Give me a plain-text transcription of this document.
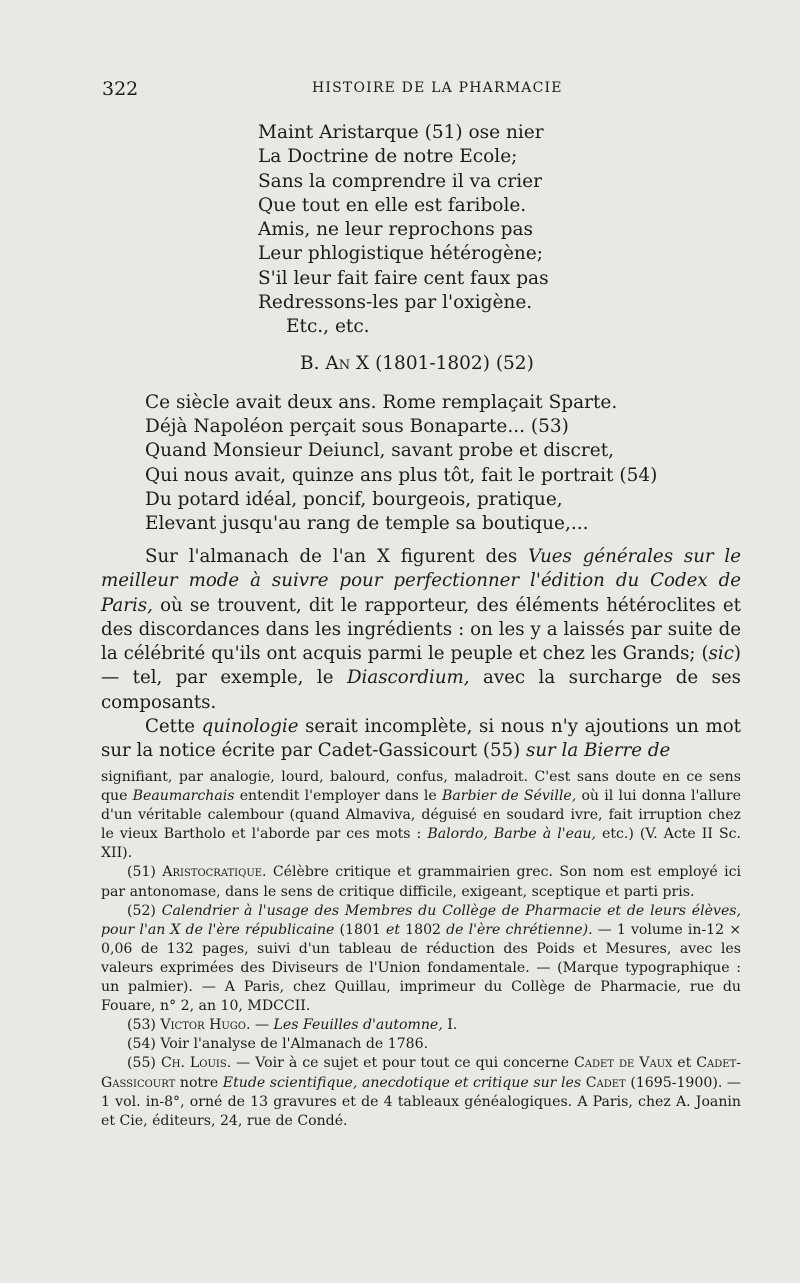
322	HISTOIRE DE LA PHARMACIE
Maint Aristarque (51) ose nier
La Doctrine de notre Ecole;
Sans la comprendre il va crier
Que tout en elle est faribole.
Amis, ne leur reprochons pas
Leur phlogistique hétérogène;
S'il leur fait faire cent faux pas
Redressons-les par l'oxigène.
Etc., etc.
B. An X (1801-1802) (52)
Ce siècle avait deux ans. Rome remplaçait Sparte.
Déjà Napoléon perçait sous Bonaparte... (53)
Quand Monsieur Deiuncl, savant probe et discret,
Qui nous avait, quinze ans plus tôt, fait le portrait (54)
Du potard idéal, poncif, bourgeois, pratique,
Elevant jusqu'au rang de temple sa boutique,...

Sur l'almanach de l'an X figurent des Vues générales sur le meilleur mode à suivre pour perfectionner l'édition du Codex de Paris, où se trouvent, dit le rapporteur, des éléments hétéroclites et des discordances dans les ingrédients : on les y a laissés par suite de la célébrité qu'ils ont acquis parmi le peuple et chez les Grands; (sic) — tel, par exemple, le Diascordium, avec la surcharge de ses composants.

Cette quinologie serait incomplète, si nous n'y ajoutions un mot sur la notice écrite par Cadet-Gassicourt (55) sur la Bierre de

signifiant, par analogie, lourd, balourd, confus, maladroit. C'est sans doute en ce sens que Beaumarchais entendit l'employer dans le Barbier de Séville, où il lui donna l'allure d'un véritable calembour (quand Almaviva, déguisé en soudard ivre, fait irruption chez le vieux Bartholo et l'aborde par ces mots : Balordo, Barbe à l'eau, etc.) (V. Acte II Sc. XII).

(51) Aristocratique. Célèbre critique et grammairien grec. Son nom est employé ici par antonomase, dans le sens de critique difficile, exigeant, sceptique et parti pris.

(52) Calendrier à l'usage des Membres du Collège de Pharmacie et de leurs élèves, pour l'an X de l'ère républicaine (1801 et 1802 de l'ère chrétienne). — 1 volume in-12 × 0,06 de 132 pages, suivi d'un tableau de réduction des Poids et Mesures, avec les valeurs exprimées des Diviseurs de l'Union fondamentale. — (Marque typographique : un palmier). — A Paris, chez Quillau, imprimeur du Collège de Pharmacie, rue du Fouare, n° 2, an 10, MDCCII.

(53) Victor Hugo. — Les Feuilles d'automne, I.

(54) Voir l'analyse de l'Almanach de 1786.

(55) Ch. Louis. — Voir à ce sujet et pour tout ce qui concerne Cadet de Vaux et Cadet-Gassicourt notre Etude scientifique, anecdotique et critique sur les Cadet (1695-1900). — 1 vol. in-8°, orné de 13 gravures et de 4 tableaux généalogiques. A Paris, chez A. Joanin et Cie, éditeurs, 24, rue de Condé.
